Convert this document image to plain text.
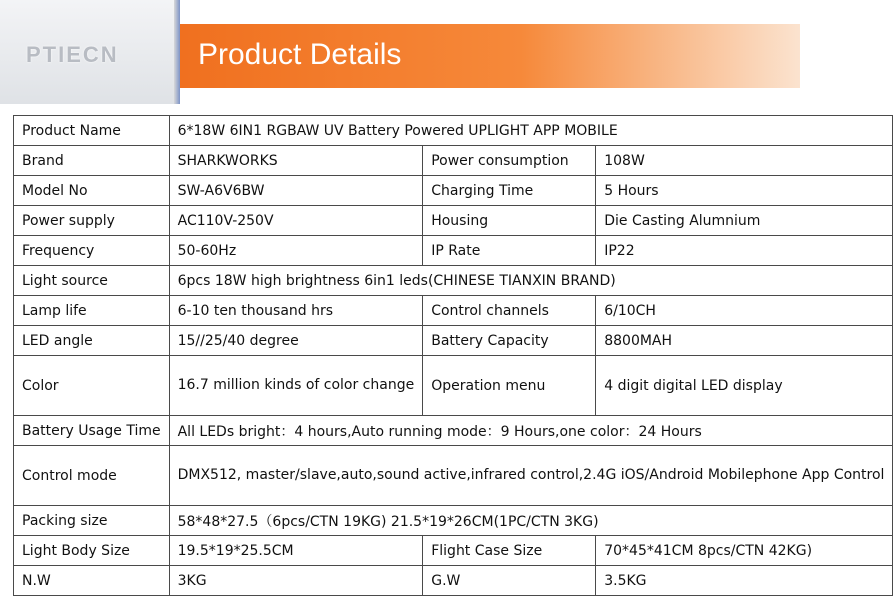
PTIECN	Product Details
Product Name	6*18W 6IN1 RGBAW UV Battery Powered UPLIGHT APP MOBILE		
Brand	SHARKWORKS	Power consumption	108W
Model No	SW-A6V6BW	Charging Time	5 Hours
Power supply	AC110V-250V	Housing	Die Casting Alumnium
Frequency	50-60Hz	IP Rate	IP22
Light source	6pcs 18W high brightness 6in1 leds(CHINESE TIANXIN BRAND)		
Lamp life	6-10 ten thousand hrs	Control channels	6/10CH
LED angle	15//25/40 degree	Battery Capacity	8800MAH
Color	16.7 million kinds of color change	Operation menu	4 digit digital LED display
Battery Usage Time	All LEDs bright：4 hours,Auto running mode：9 Hours,one color：24 Hours		
Control mode	DMX512, master/slave,auto,sound active,infrared control,2.4G iOS/Android Mobilephone App Control		
Packing size	58*48*27.5（6pcs/CTN 19KG) 21.5*19*26CM(1PC/CTN 3KG)		
Light Body Size	19.5*19*25.5CM	Flight Case Size	70*45*41CM 8pcs/CTN 42KG)
N.W	3KG	G.W	3.5KG
